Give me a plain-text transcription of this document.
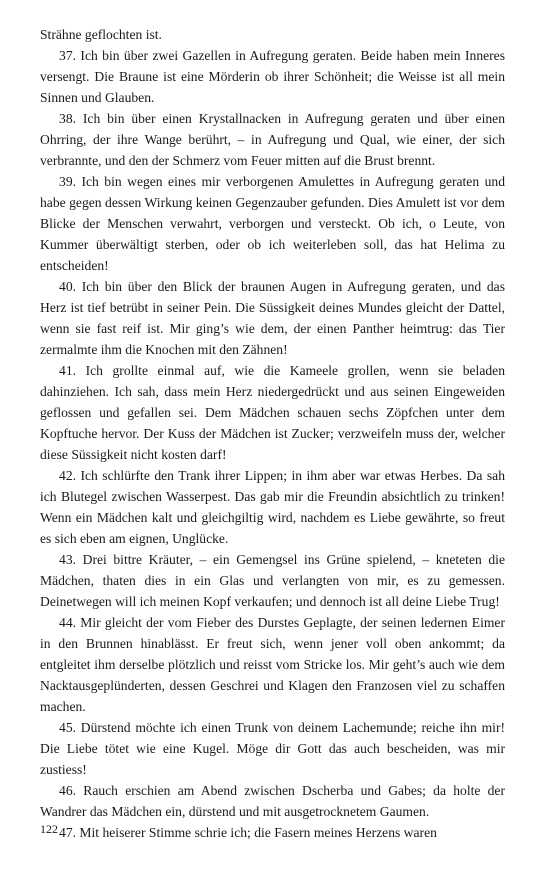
Strähne geflochten ist.

37. Ich bin über zwei Gazellen in Aufregung geraten. Beide haben mein Inneres versengt. Die Braune ist eine Mörderin ob ihrer Schönheit; die Weisse ist all mein Sinnen und Glauben.

38. Ich bin über einen Krystallnacken in Aufregung geraten und über einen Ohrring, der ihre Wange berührt, – in Aufregung und Qual, wie einer, der sich verbrannte, und den der Schmerz vom Feuer mitten auf die Brust brennt.

39. Ich bin wegen eines mir verborgenen Amulettes in Aufregung geraten und habe gegen dessen Wirkung keinen Gegenzauber gefunden. Dies Amulett ist vor dem Blicke der Menschen verwahrt, verborgen und versteckt. Ob ich, o Leute, von Kummer überwältigt sterben, oder ob ich weiterleben soll, das hat Helima zu entscheiden!

40. Ich bin über den Blick der braunen Augen in Aufregung geraten, und das Herz ist tief betrübt in seiner Pein. Die Süssigkeit deines Mundes gleicht der Dattel, wenn sie fast reif ist. Mir ging’s wie dem, der einen Panther heimtrug: das Tier zermalmte ihm die Knochen mit den Zähnen!

41. Ich grollte einmal auf, wie die Kameele grollen, wenn sie beladen dahinziehen. Ich sah, dass mein Herz niedergedrückt und aus seinen Eingeweiden geflossen und gefallen sei. Dem Mädchen schauen sechs Zöpfchen unter dem Kopftuche hervor. Der Kuss der Mädchen ist Zucker; verzweifeln muss der, welcher diese Süssigkeit nicht kosten darf!

42. Ich schlürfte den Trank ihrer Lippen; in ihm aber war etwas Herbes. Da sah ich Blutegel zwischen Wasserpest. Das gab mir die Freundin absichtlich zu trinken! Wenn ein Mädchen kalt und gleichgiltig wird, nachdem es Liebe gewährte, so freut es sich eben am eignen, Unglücke.

43. Drei bittre Kräuter, – ein Gemengsel ins Grüne spielend, – kneteten die Mädchen, thaten dies in ein Glas und verlangten von mir, es zu gemessen. Deinetwegen will ich meinen Kopf verkaufen; und dennoch ist all deine Liebe Trug!

44. Mir gleicht der vom Fieber des Durstes Geplagte, der seinen ledernen Eimer in den Brunnen hinablässt. Er freut sich, wenn jener voll oben ankommt; da entgleitet ihm derselbe plötzlich und reisst vom Stricke los. Mir geht’s auch wie dem Nacktausgeplünderten, dessen Geschrei und Klagen den Franzosen viel zu schaffen machen.

45. Dürstend möchte ich einen Trunk von deinem Lachemunde; reiche ihn mir! Die Liebe tötet wie eine Kugel. Möge dir Gott das auch bescheiden, was mir zustiess!

46. Rauch erschien am Abend zwischen Dscherba und Gabes; da holte der Wandrer das Mädchen ein, dürstend und mit ausgetrocknetem Gaumen.

47. Mit heiserer Stimme schrie ich; die Fasern meines Herzens waren

122
